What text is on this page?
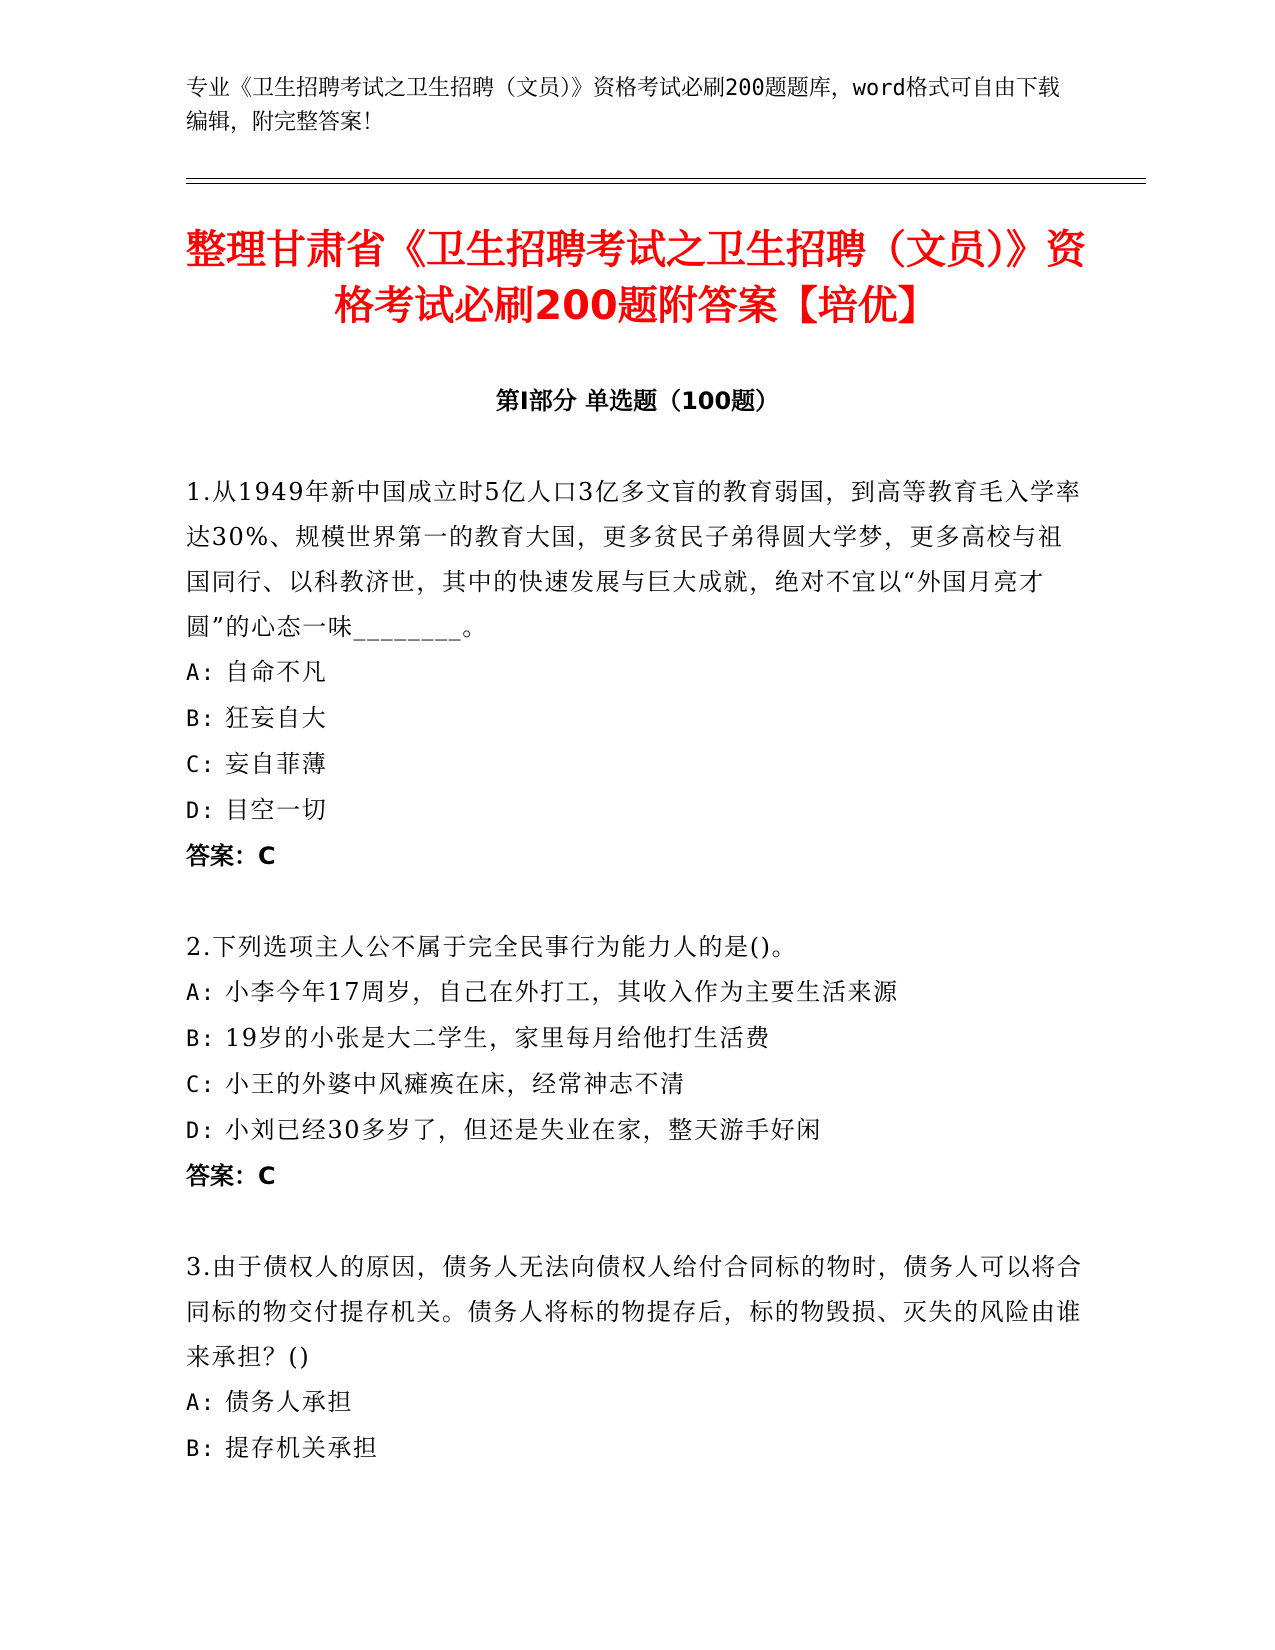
专业《卫生招聘考试之卫生招聘（文员）》资格考试必刷200题题库，word格式可自由下载编辑，附完整答案！
整理甘肃省《卫生招聘考试之卫生招聘（文员）》资格考试必刷200题附答案【培优】
第Ⅰ部分 单选题（100题）

1.从1949年新中国成立时5亿人口3亿多文盲的教育弱国，到高等教育毛入学率达30%、规模世界第一的教育大国，更多贫民子弟得圆大学梦，更多高校与祖国同行、以科教济世，其中的快速发展与巨大成就，绝对不宜以“外国月亮才圆”的心态一味________。

A: 自命不凡

B: 狂妄自大

C: 妄自菲薄

D: 目空一切

答案：C

2.下列选项主人公不属于完全民事行为能力人的是()。

A: 小李今年17周岁，自己在外打工，其收入作为主要生活来源

B: 19岁的小张是大二学生，家里每月给他打生活费

C: 小王的外婆中风瘫痪在床，经常神志不清

D: 小刘已经30多岁了，但还是失业在家，整天游手好闲

答案：C

3.由于债权人的原因，债务人无法向债权人给付合同标的物时，债务人可以将合同标的物交付提存机关。债务人将标的物提存后，标的物毁损、灭失的风险由谁来承担？()

A: 债务人承担

B: 提存机关承担
